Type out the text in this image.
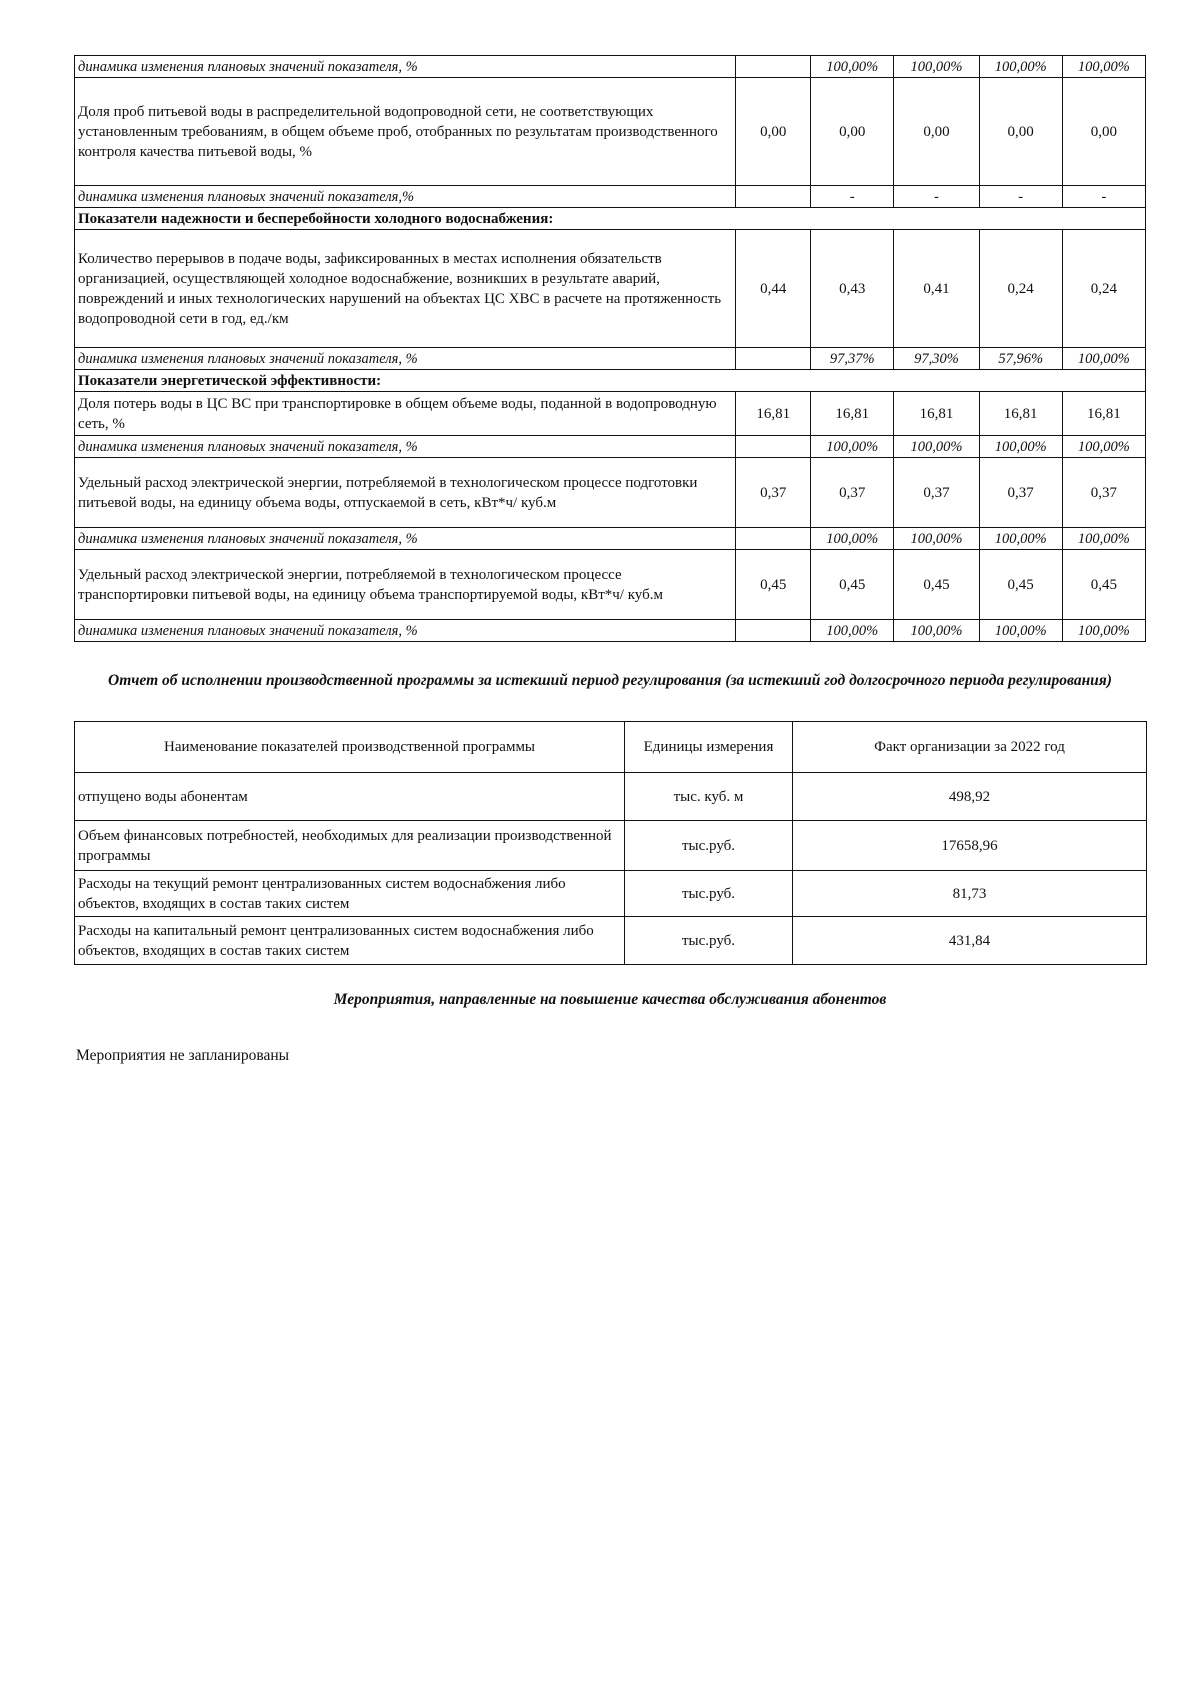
динамика изменения плановых значений показателя, %		100,00%	100,00%	100,00%	100,00%
Доля проб питьевой воды в распределительной водопроводной сети, не соответствующих установленным требованиям, в общем объеме проб, отобранных по результатам производственного контроля качества питьевой воды, %	0,00	0,00	0,00	0,00	0,00
динамика изменения плановых значений показателя,%		-	-	-	-
Показатели надежности и бесперебойности холодного водоснабжения:					
Количество перерывов в подаче воды, зафиксированных в местах исполнения обязательств организацией, осуществляющей холодное водоснабжение, возникших в результате аварий, повреждений и иных технологических нарушений на объектах ЦС ХВС в расчете на протяженность водопроводной сети в год, ед./км	0,44	0,43	0,41	0,24	0,24
динамика изменения плановых значений показателя, %		97,37%	97,30%	57,96%	100,00%
Показатели энергетической эффективности:					
Доля потерь воды в ЦС ВС при транспортировке в общем объеме воды, поданной в водопроводную сеть, %	16,81	16,81	16,81	16,81	16,81
динамика изменения плановых значений показателя, %		100,00%	100,00%	100,00%	100,00%
Удельный расход электрической энергии, потребляемой в технологическом процессе подготовки питьевой воды, на единицу объема воды, отпускаемой в сеть, кВт*ч/ куб.м	0,37	0,37	0,37	0,37	0,37
динамика изменения плановых значений показателя, %		100,00%	100,00%	100,00%	100,00%
Удельный расход электрической энергии, потребляемой в технологическом процессе транспортировки питьевой воды, на единицу объема транспортируемой воды, кВт*ч/ куб.м	0,45	0,45	0,45	0,45	0,45
динамика изменения плановых значений показателя, %		100,00%	100,00%	100,00%	100,00%
Отчет об исполнении производственной программы за истекший период регулирования (за истекший год долгосрочного периода регулирования)
Наименование показателей производственной программы	Единицы измерения	Факт организации за 2022 год
отпущено воды абонентам	тыс. куб. м	498,92
Объем финансовых потребностей, необходимых для реализации производственной программы	тыс.руб.	17658,96
Расходы на текущий ремонт централизованных систем водоснабжения либо объектов, входящих в состав таких систем	тыс.руб.	81,73
Расходы на капитальный ремонт централизованных систем водоснабжения либо объектов, входящих в состав таких систем	тыс.руб.	431,84
Мероприятия, направленные на повышение качества обслуживания абонентов
Мероприятия не запланированы
